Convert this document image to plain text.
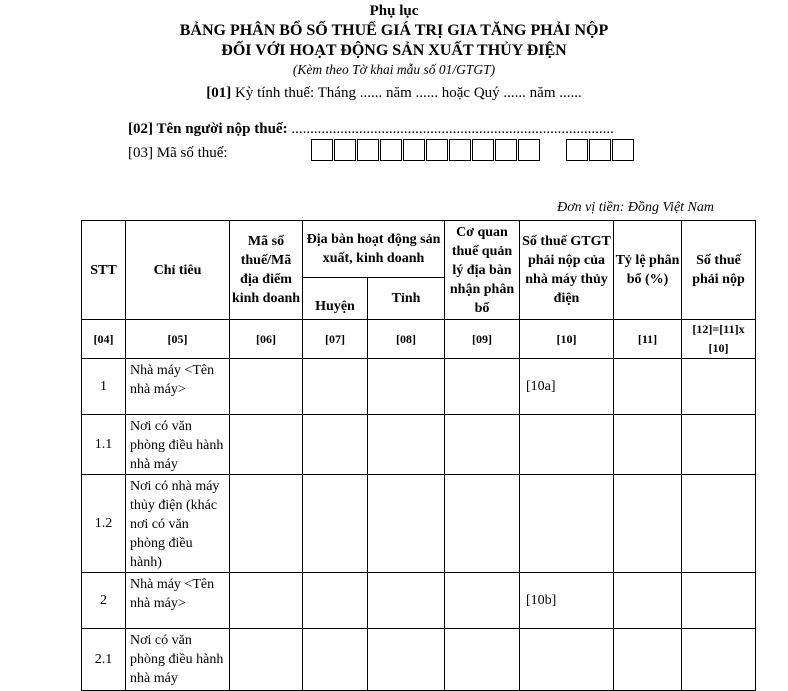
Phụ lục
BẢNG PHÂN BỔ SỐ THUẾ GIÁ TRỊ GIA TĂNG PHẢI NỘP
ĐỐI VỚI HOẠT ĐỘNG SẢN XUẤT THỦY ĐIỆN
(Kèm theo Tờ khai mẫu số 01/GTGT)
[01] Kỳ tính thuế: Tháng ...... năm ...... hoặc Quý ...... năm ......
[02] Tên người nộp thuế: ......................................................................................
[03] Mã số thuế:
Đơn vị tiền: Đồng Việt Nam
STT	Chỉ tiêu	Mã số thuế/Mã địa điểm kinh doanh	Địa bàn hoạt động sản xuất, kinh doanh		Cơ quan thuế quản lý địa bàn nhận phân bổ	Số thuế GTGT phải nộp của nhà máy thủy điện	Tỷ lệ phân bổ (%)	Số thuế phải nộp
			Huyện	Tỉnh				
[04]	[05]	[06]	[07]	[08]	[09]	[10]	[11]	[12]=[11]x [10]
1	Nhà máy <Tên nhà máy>					[10a]		
1.1	Nơi có văn phòng điều hành nhà máy							
1.2	Nơi có nhà máy thủy điện (khác nơi có văn phòng điều hành)							
2	Nhà máy <Tên nhà máy>					[10b]		
2.1	Nơi có văn phòng điều hành nhà máy							
